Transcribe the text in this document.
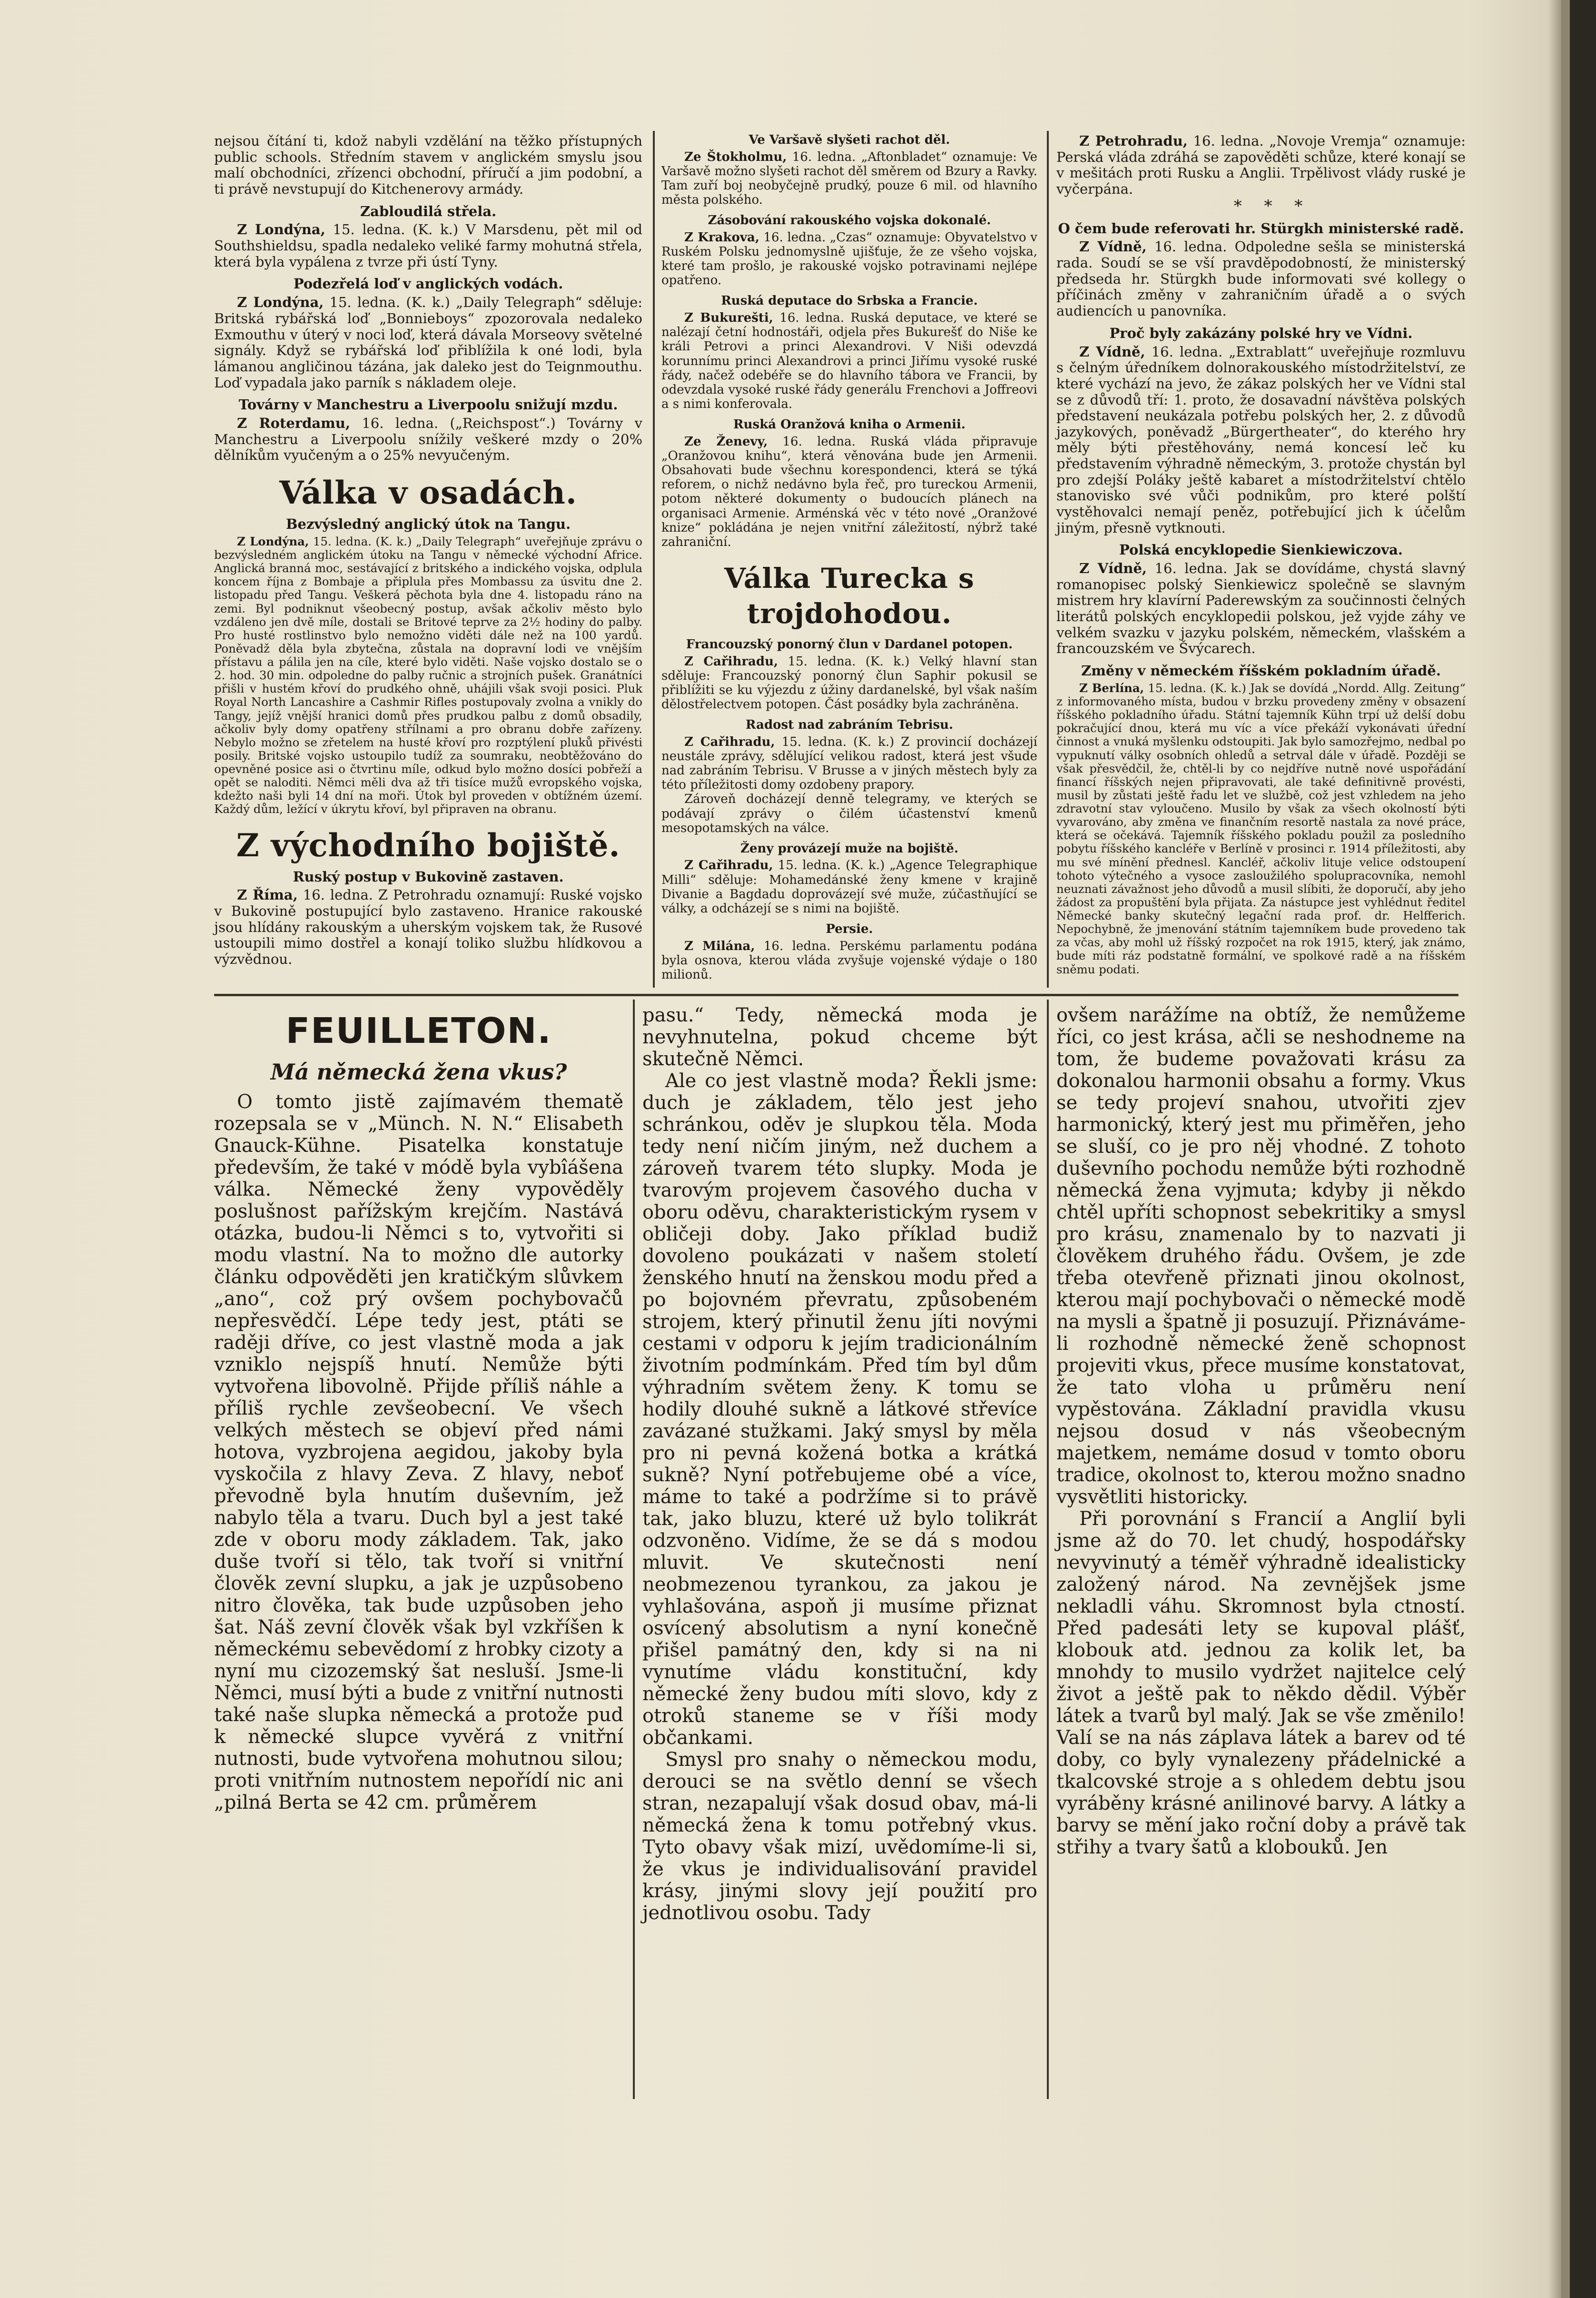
nejsou čítání ti, kdož nabyli vzdělání na těžko přístupných public schools. Středním stavem v anglickém smyslu jsou malí obchodníci, zřízenci obchodní, příručí a jim podobní, a ti právě nevstupují do Kitchenerovy armády.

Zabloudilá střela.

Z Londýna, 15. ledna. (K. k.) V Marsdenu, pět mil od Southshieldsu, spadla nedaleko veliké farmy mohutná střela, která byla vypálena z tvrze při ústí Tyny.

Podezřelá loď v anglických vodách.

Z Londýna, 15. ledna. (K. k.) „Daily Telegraph“ sděluje: Britská rybářská loď „Bonnieboys“ zpozorovala nedaleko Exmouthu v úterý v noci loď, která dávala Morseovy světelné signály. Když se rybářská loď přiblížila k oné lodi, byla lámanou angličinou tázána, jak daleko jest do Teignmouthu. Loď vypadala jako parník s nákladem oleje.

Továrny v Manchestru a Liverpoolu snižují mzdu.

Z Roterdamu, 16. ledna. („Reichspost“.) Továrny v Manchestru a Liverpoolu snížily veškeré mzdy o 20% dělníkům vyučeným a o 25% nevyučeným.

Válka v osadách.
Bezvýsledný anglický útok na Tangu.

Z Londýna, 15. ledna. (K. k.) „Daily Telegraph“ uveřejňuje zprávu o bezvýsledném anglickém útoku na Tangu v německé východní Africe. Anglická branná moc, sestávající z britského a indického vojska, odplula koncem října z Bombaje a připlula přes Mombassu za úsvitu dne 2. listopadu před Tangu. Veškerá pěchota byla dne 4. listopadu ráno na zemi. Byl podniknut všeobecný postup, avšak ačkoliv město bylo vzdáleno jen dvě míle, dostali se Britové teprve za 2½ hodiny do palby. Pro husté rostlinstvo bylo nemožno viděti dále než na 100 yardů. Poněvadž děla byla zbytečna, zůstala na dopravní lodi ve vnějším přístavu a pálila jen na cíle, které bylo viděti. Naše vojsko dostalo se o 2. hod. 30 min. odpoledne do palby ručnic a strojních pušek. Granátníci přišli v hustém křoví do prudkého ohně, uhájili však svoji posici. Pluk Royal North Lancashire a Cashmir Rifles postupovaly zvolna a vnikly do Tangy, jejíž vnější hranici domů přes prudkou palbu z domů obsadily, ačkoliv byly domy opatřeny střílnami a pro obranu dobře zařízeny. Nebylo možno se zřetelem na husté křoví pro rozptýlení pluků přivésti posily. Britské vojsko ustoupilo tudíž za soumraku, neobtěžováno do opevněné posice asi o čtvrtinu míle, odkud bylo možno dosíci pobřeží a opět se naloditi. Němci měli dva až tři tisíce mužů evropského vojska, kdežto naši byli 14 dní na moři. Útok byl proveden v obtížném území. Každý dům, ležící v úkrytu křoví, byl připraven na obranu.

Z východního bojiště.
Ruský postup v Bukovině zastaven.

Z Říma, 16. ledna. Z Petrohradu oznamují: Ruské vojsko v Bukovině postupující bylo zastaveno. Hranice rakouské jsou hlídány rakouským a uherským vojskem tak, že Rusové ustoupili mimo dostřel a konají toliko službu hlídkovou a výzvědnou.

Ve Varšavě slyšeti rachot děl.

Ze Štokholmu, 16. ledna. „Aftonbladet“ oznamuje: Ve Varšavě možno slyšeti rachot děl směrem od Bzury a Ravky. Tam zuří boj neobyčejně prudký, pouze 6 mil. od hlavního města polského.

Zásobování rakouského vojska dokonalé.

Z Krakova, 16. ledna. „Czas“ oznamuje: Obyvatelstvo v Ruském Polsku jednomyslně ujišťuje, že ze všeho vojska, které tam prošlo, je rakouské vojsko potravinami nejlépe opatřeno.

Ruská deputace do Srbska a Francie.

Z Bukurešti, 16. ledna. Ruská deputace, ve které se nalézají četní hodnostáři, odjela přes Bukurešť do Niše ke králi Petrovi a princi Alexandrovi. V Niši odevzdá korunnímu princi Alexandrovi a princi Jiřímu vysoké ruské řády, načež odebéře se do hlavního tábora ve Francii, by odevzdala vysoké ruské řády generálu Frenchovi a Joffreovi a s nimi konferovala.

Ruská Oranžová kniha o Armenii.

Ze Ženevy, 16. ledna. Ruská vláda připravuje „Oranžovou knihu“, která věnována bude jen Armenii. Obsahovati bude všechnu korespondenci, která se týká reforem, o nichž nedávno byla řeč, pro tureckou Armenii, potom některé dokumenty o budoucích plánech na organisaci Armenie. Arménská věc v této nové „Oranžové knize“ pokládána je nejen vnitřní záležitostí, nýbrž také zahraniční.

Válka Turecka s trojdohodou.
Francouzský ponorný člun v Dardanel potopen.

Z Cařihradu, 15. ledna. (K. k.) Velký hlavní stan sděluje: Francouzský ponorný člun Saphir pokusil se přiblížiti se ku výjezdu z úžiny dardanelské, byl však naším dělostřelectvem potopen. Část posádky byla zachráněna.

Radost nad zabráním Tebrisu.

Z Cařihradu, 15. ledna. (K. k.) Z provincií docházejí neustále zprávy, sdělující velikou radost, která jest všude nad zabráním Tebrisu. V Brusse a v jiných městech byly za této příležitosti domy ozdobeny prapory.

Zároveň docházejí denně telegramy, ve kterých se podávají zprávy o čilém účastenství kmenů mesopotamských na válce.

Ženy provázejí muže na bojiště.

Z Cařihradu, 15. ledna. (K. k.) „Agence Telegraphique Milli“ sděluje: Mohamedánské ženy kmene v krajině Divanie a Bagdadu doprovázejí své muže, zúčastňující se války, a odcházejí se s nimi na bojiště.

Persie.

Z Milána, 16. ledna. Perskému parlamentu podána byla osnova, kterou vláda zvyšuje vojenské výdaje o 180 milionů.

Z Petrohradu, 16. ledna. „Novoje Vremja“ oznamuje: Perská vláda zdráhá se zapověděti schůze, které konají se v mešitách proti Rusku a Anglii. Trpělivost vlády ruské je vyčerpána.

* * *

O čem bude referovati hr. Stürgkh ministerské radě.

Z Vídně, 16. ledna. Odpoledne sešla se ministerská rada. Soudí se se vší pravděpodobností, že ministerský předseda hr. Stürgkh bude informovati své kollegy o příčinách změny v zahraničním úřadě a o svých audiencích u panovníka.

Proč byly zakázány polské hry ve Vídni.

Z Vídně, 16. ledna. „Extrablatt“ uveřejňuje rozmluvu s čelným úředníkem dolnorakouského místodržitelství, ze které vychází na jevo, že zákaz polských her ve Vídni stal se z důvodů tří: 1. proto, že dosavadní návštěva polských představení neukázala potřebu polských her, 2. z důvodů jazykových, poněvadž „Bürgertheater“, do kterého hry měly býti přestěhovány, nemá koncesí leč ku představením výhradně německým, 3. protože chystán byl pro zdejší Poláky ještě kabaret a místodržitelství chtělo stanovisko své vůči podnikům, pro které polští vystěhovalci nemají peněz, potřebující jich k účelům jiným, přesně vytknouti.

Polská encyklopedie Sienkiewiczova.

Z Vídně, 16. ledna. Jak se dovídáme, chystá slavný romanopisec polský Sienkiewicz společně se slavným mistrem hry klavírní Paderewským za součinnosti čelných literátů polských encyklopedii polskou, jež vyjde záhy ve velkém svazku v jazyku polském, německém, vlašském a francouzském ve Švýcarech.

Změny v německém říšském pokladním úřadě.

Z Berlína, 15. ledna. (K. k.) Jak se dovídá „Nordd. Allg. Zeitung“ z informovaného místa, budou v brzku provedeny změny v obsazení říšského pokladního úřadu. Státní tajemník Kühn trpí už delší dobu pokračující dnou, která mu víc a více překáží vykonávati úřední činnost a vnuká myšlenku odstoupiti. Jak bylo samozřejmo, nedbal po vypuknutí války osobních ohledů a setrval dále v úřadě. Později se však přesvědčil, že, chtěl-li by co nejdříve nutně nové uspořádání financí říšských nejen připravovati, ale také definitivně provésti, musil by zůstati ještě řadu let ve službě, což jest vzhledem na jeho zdravotní stav vyloučeno. Musilo by však za všech okolností býti vyvarováno, aby změna ve finančním resortě nastala za nové práce, která se očekává. Tajemník říšského pokladu použil za posledního pobytu říšského kancléře v Berlíně v prosinci r. 1914 příležitosti, aby mu své mínění přednesl. Kancléř, ačkoliv lituje velice odstoupení tohoto výtečného a vysoce zasloužilého spolupracovníka, nemohl neuznati závažnost jeho důvodů a musil slíbiti, že doporučí, aby jeho žádost za propuštění byla přijata. Za nástupce jest vyhlédnut ředitel Německé banky skutečný legační rada prof. dr. Helfferich. Nepochybně, že jmenování státním tajemníkem bude provedeno tak za včas, aby mohl už říšský rozpočet na rok 1915, který, jak známo, bude míti ráz podstatně formální, ve spolkové radě a na říšském sněmu podati.

FEUILLETON.
Má německá žena vkus?

O tomto jistě zajímavém thematě rozepsala se v „Münch. N. N.“ Elisabeth Gnauck-Kühne. Pisatelka konstatuje především, že také v módě byla vybîášena válka. Německé ženy vypověděly poslušnost pařížským krejčím. Nastává otázka, budou-li Němci s to, vytvořiti si modu vlastní. Na to možno dle autorky článku odpověděti jen kratičkým slůvkem „ano“, což prý ovšem pochybovačů nepřesvědčí. Lépe tedy jest, ptáti se raději dříve, co jest vlastně moda a jak vzniklo nejspíš hnutí. Nemůže býti vytvořena libovolně. Přijde příliš náhle a příliš rychle zevšeobecní. Ve všech velkých městech se objeví před námi hotova, vyzbrojena aegidou, jakoby byla vyskočila z hlavy Zeva. Z hlavy, neboť převodně byla hnutím duševním, jež nabylo těla a tvaru. Duch byl a jest také zde v oboru mody základem. Tak, jako duše tvoří si tělo, tak tvoří si vnitřní člověk zevní slupku, a jak je uzpůsobeno nitro člověka, tak bude uzpůsoben jeho šat. Náš zevní člověk však byl vzkříšen k německému sebevědomí z hrobky cizoty a nyní mu cizozemský šat nesluší. Jsme-li Němci, musí býti a bude z vnitřní nutnosti také naše slupka německá a protože pud k německé slupce vyvěrá z vnitřní nutnosti, bude vytvořena mohutnou silou; proti vnitřním nutnostem nepořídí nic ani „pilná Berta se 42 cm. průměrem

pasu.“ Tedy, německá moda je nevyhnutelna, pokud chceme být skutečně Němci.

Ale co jest vlastně moda? Řekli jsme: duch je základem, tělo jest jeho schránkou, oděv je slupkou těla. Moda tedy není ničím jiným, než duchem a zároveň tvarem této slupky. Moda je tvarovým projevem časového ducha v oboru oděvu, charakteristickým rysem v obličeji doby. Jako příklad budiž dovoleno poukázati v našem století ženského hnutí na ženskou modu před a po bojovném převratu, způsobeném strojem, který přinutil ženu jíti novými cestami v odporu k jejím tradicionálním životním podmínkám. Před tím byl dům výhradním světem ženy. K tomu se hodily dlouhé sukně a látkové střevíce zavázané stužkami. Jaký smysl by měla pro ni pevná kožená botka a krátká sukně? Nyní potřebujeme obé a více, máme to také a podržíme si to právě tak, jako bluzu, které už bylo tolikrát odzvoněno. Vidíme, že se dá s modou mluvit. Ve skutečnosti není neobmezenou tyrankou, za jakou je vyhlašována, aspoň ji musíme přiznat osvícený absolutism a nyní konečně přišel památný den, kdy si na ni vynutíme vládu konstituční, kdy německé ženy budou míti slovo, kdy z otroků staneme se v říši mody občankami.

Smysl pro snahy o německou modu, derouci se na světlo denní se všech stran, nezapalují však dosud obav, má-li německá žena k tomu potřebný vkus. Tyto obavy však mizí, uvědomíme-li si, že vkus je individualisování pravidel krásy, jinými slovy její použití pro jednotlivou osobu. Tady

ovšem narážíme na obtíž, že nemůžeme říci, co jest krása, ačli se neshodneme na tom, že budeme považovati krásu za dokonalou harmonii obsahu a formy. Vkus se tedy projeví snahou, utvořiti zjev harmonický, který jest mu přiměřen, jeho se sluší, co je pro něj vhodné. Z tohoto duševního pochodu nemůže býti rozhodně německá žena vyjmuta; kdyby ji někdo chtěl upříti schopnost sebekritiky a smysl pro krásu, znamenalo by to nazvati ji člověkem druhého řádu. Ovšem, je zde třeba otevřeně přiznati jinou okolnost, kterou mají pochybovači o německé modě na mysli a špatně ji posuzují. Přiznáváme-li rozhodně německé ženě schopnost projeviti vkus, přece musíme konstatovat, že tato vloha u průměru není vypěstována. Základní pravidla vkusu nejsou dosud v nás všeobecným majetkem, nemáme dosud v tomto oboru tradice, okolnost to, kterou možno snadno vysvětliti historicky.

Při porovnání s Francií a Anglií byli jsme až do 70. let chudý, hospodářsky nevyvinutý a téměř výhradně idealisticky založený národ. Na zevnějšek jsme nekladli váhu. Skromnost byla ctností. Před padesáti lety se kupoval plášť, klobouk atd. jednou za kolik let, ba mnohdy to musilo vydržet najitelce celý život a ještě pak to někdo dědil. Výběr látek a tvarů byl malý. Jak se vše změnilo! Valí se na nás záplava látek a barev od té doby, co byly vynalezeny přádelnické a tkalcovské stroje a s ohledem debtu jsou vyráběny krásné anilinové barvy. A látky a barvy se mění jako roční doby a právě tak střihy a tvary šatů a klobouků. Jen
